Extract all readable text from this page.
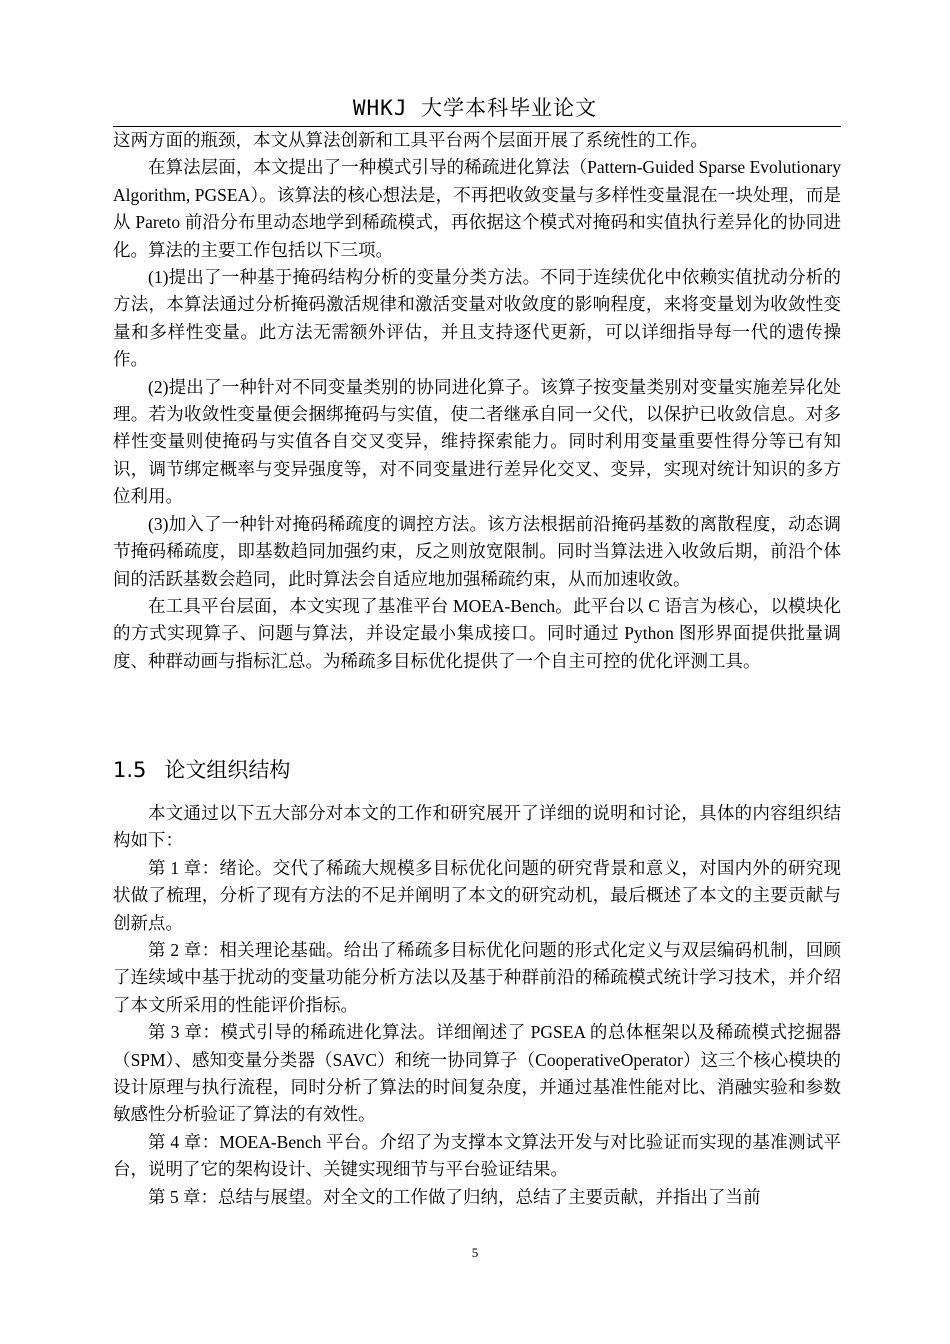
WHKJ 大学本科毕业论文

这两方面的瓶颈，本文从算法创新和工具平台两个层面开展了系统性的工作。

在算法层面，本文提出了一种模式引导的稀疏进化算法（Pattern-Guided Sparse Evolutionary Algorithm, PGSEA）。该算法的核心想法是，不再把收敛变量与多样性变量混在一块处理，而是从 Pareto 前沿分布里动态地学到稀疏模式，再依据这个模式对掩码和实值执行差异化的协同进化。算法的主要工作包括以下三项。

(1)提出了一种基于掩码结构分析的变量分类方法。不同于连续优化中依赖实值扰动分析的方法，本算法通过分析掩码激活规律和激活变量对收敛度的影响程度，来将变量划为收敛性变量和多样性变量。此方法无需额外评估，并且支持逐代更新，可以详细指导每一代的遗传操作。

(2)提出了一种针对不同变量类别的协同进化算子。该算子按变量类别对变量实施差异化处理。若为收敛性变量便会捆绑掩码与实值，使二者继承自同一父代，以保护已收敛信息。对多样性变量则使掩码与实值各自交叉变异，维持探索能力。同时利用变量重要性得分等已有知识，调节绑定概率与变异强度等，对不同变量进行差异化交叉、变异，实现对统计知识的多方位利用。

(3)加入了一种针对掩码稀疏度的调控方法。该方法根据前沿掩码基数的离散程度，动态调节掩码稀疏度，即基数趋同加强约束，反之则放宽限制。同时当算法进入收敛后期，前沿个体间的活跃基数会趋同，此时算法会自适应地加强稀疏约束，从而加速收敛。

在工具平台层面，本文实现了基准平台 MOEA-Bench。此平台以 C 语言为核心，以模块化的方式实现算子、问题与算法，并设定最小集成接口。同时通过 Python 图形界面提供批量调度、种群动画与指标汇总。为稀疏多目标优化提供了一个自主可控的优化评测工具。

1.5 论文组织结构

本文通过以下五大部分对本文的工作和研究展开了详细的说明和讨论，具体的内容组织结构如下：

第 1 章：绪论。交代了稀疏大规模多目标优化问题的研究背景和意义，对国内外的研究现状做了梳理，分析了现有方法的不足并阐明了本文的研究动机，最后概述了本文的主要贡献与创新点。

第 2 章：相关理论基础。给出了稀疏多目标优化问题的形式化定义与双层编码机制，回顾了连续域中基于扰动的变量功能分析方法以及基于种群前沿的稀疏模式统计学习技术，并介绍了本文所采用的性能评价指标。

第 3 章：模式引导的稀疏进化算法。详细阐述了 PGSEA 的总体框架以及稀疏模式挖掘器（SPM）、感知变量分类器（SAVC）和统一协同算子（CooperativeOperator）这三个核心模块的设计原理与执行流程，同时分析了算法的时间复杂度，并通过基准性能对比、消融实验和参数敏感性分析验证了算法的有效性。

第 4 章：MOEA-Bench 平台。介绍了为支撑本文算法开发与对比验证而实现的基准测试平台，说明了它的架构设计、关键实现细节与平台验证结果。

第 5 章：总结与展望。对全文的工作做了归纳，总结了主要贡献，并指出了当前

5
